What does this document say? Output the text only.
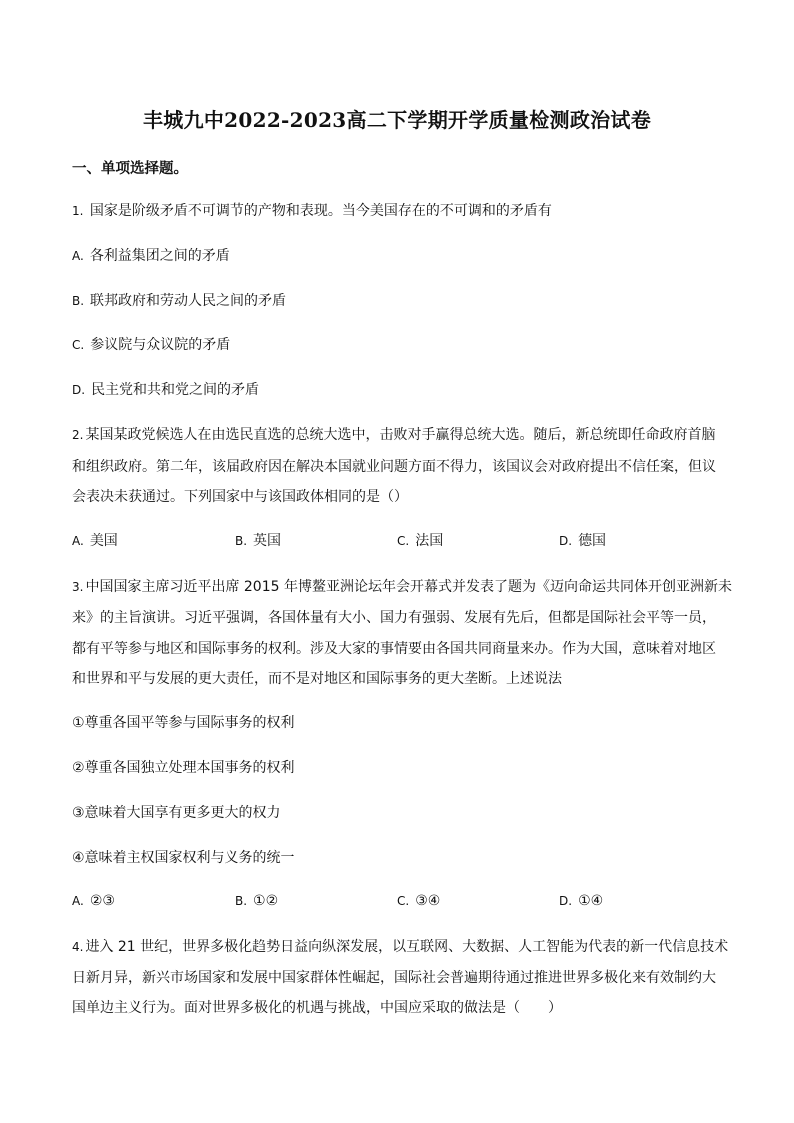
丰城九中2022-2023高二下学期开学质量检测政治试卷
一、单项选择题。
1. 国家是阶级矛盾不可调节的产物和表现。当今美国存在的不可调和的矛盾有
A. 各利益集团之间的矛盾
B. 联邦政府和劳动人民之间的矛盾
C. 参议院与众议院的矛盾
D. 民主党和共和党之间的矛盾
2. 某国某政党候选人在由选民直选的总统大选中，击败对手赢得总统大选。随后，新总统即任命政府首脑
和组织政府。第二年，该届政府因在解决本国就业问题方面不得力，该国议会对政府提出不信任案，但议
会表决未获通过。下列国家中与该国政体相同的是（）
A. 美国	B. 英国	C. 法国	D. 德国
3. 中国国家主席习近平出席 2015 年博鳌亚洲论坛年会开幕式并发表了题为《迈向命运共同体开创亚洲新未
来》的主旨演讲。习近平强调，各国体量有大小、国力有强弱、发展有先后，但都是国际社会平等一员，
都有平等参与地区和国际事务的权利。涉及大家的事情要由各国共同商量来办。作为大国，意味着对地区
和世界和平与发展的更大责任，而不是对地区和国际事务的更大垄断。上述说法
①尊重各国平等参与国际事务的权利
②尊重各国独立处理本国事务的权利
③意味着大国享有更多更大的权力
④意味着主权国家权利与义务的统一
A. ②③	B. ①②	C. ③④	D. ①④
4. 进入 21 世纪，世界多极化趋势日益向纵深发展，以互联网、大数据、人工智能为代表的新一代信息技术
日新月异，新兴市场国家和发展中国家群体性崛起，国际社会普遍期待通过推进世界多极化来有效制约大
国单边主义行为。面对世界多极化的机遇与挑战，中国应采取的做法是（　　）
